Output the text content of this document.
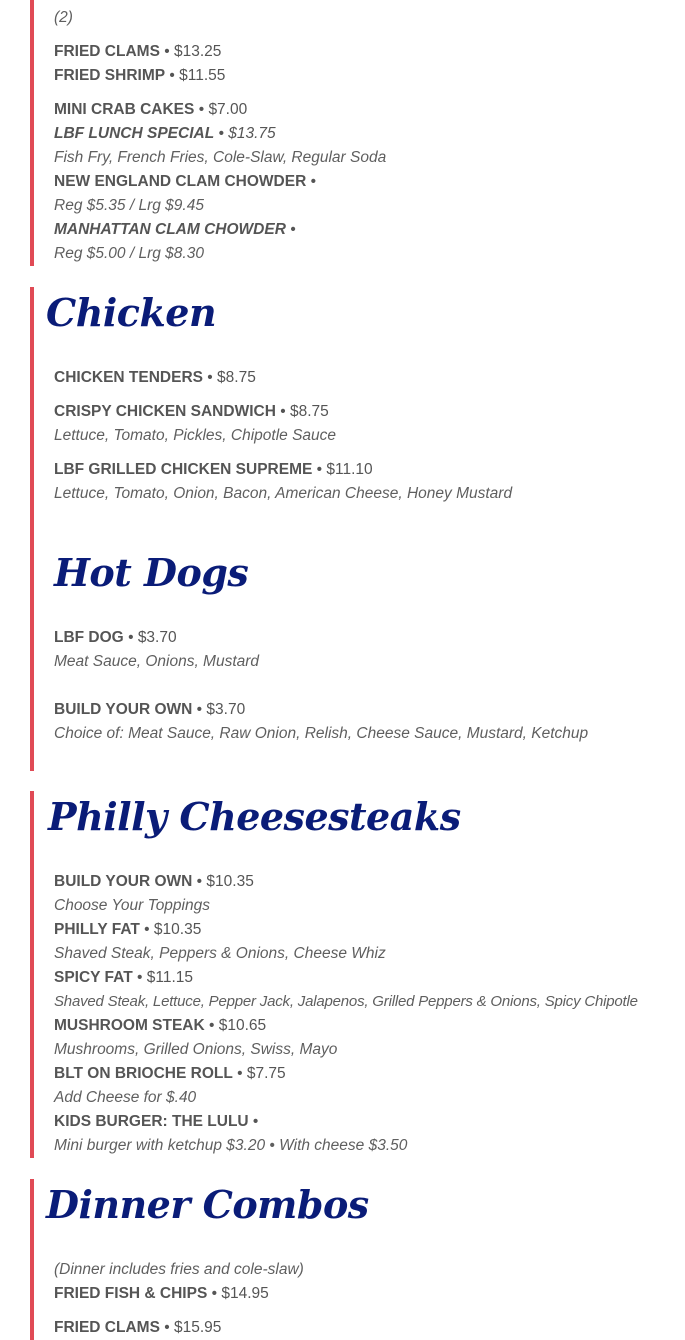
(2)
FRIED CLAMS • $13.25
FRIED SHRIMP • $11.55
MINI CRAB CAKES • $7.00
LBF LUNCH SPECIAL • $13.75
Fish Fry, French Fries, Cole-Slaw, Regular Soda
NEW ENGLAND CLAM CHOWDER •
Reg $5.35 / Lrg $9.45
MANHATTAN CLAM CHOWDER •
Reg $5.00 / Lrg $8.30
Chicken
CHICKEN TENDERS • $8.75
CRISPY CHICKEN SANDWICH • $8.75
Lettuce, Tomato, Pickles, Chipotle Sauce
LBF GRILLED CHICKEN SUPREME • $11.10
Lettuce, Tomato, Onion, Bacon, American Cheese, Honey Mustard
Hot Dogs
LBF DOG • $3.70
Meat Sauce, Onions, Mustard
BUILD YOUR OWN • $3.70
Choice of: Meat Sauce, Raw Onion, Relish, Cheese Sauce, Mustard, Ketchup
Philly Cheesesteaks
BUILD YOUR OWN • $10.35
Choose Your Toppings
PHILLY FAT • $10.35
Shaved Steak, Peppers & Onions, Cheese Whiz
SPICY FAT • $11.15
Shaved Steak, Lettuce, Pepper Jack, Jalapenos, Grilled Peppers & Onions, Spicy Chipotle
MUSHROOM STEAK • $10.65
Mushrooms, Grilled Onions, Swiss, Mayo
BLT ON BRIOCHE ROLL • $7.75
Add Cheese for $.40
KIDS BURGER: THE LULU •
Mini burger with ketchup $3.20 • With cheese $3.50
Dinner Combos
(Dinner includes fries and cole-slaw)
FRIED FISH & CHIPS • $14.95
FRIED CLAMS • $15.95
